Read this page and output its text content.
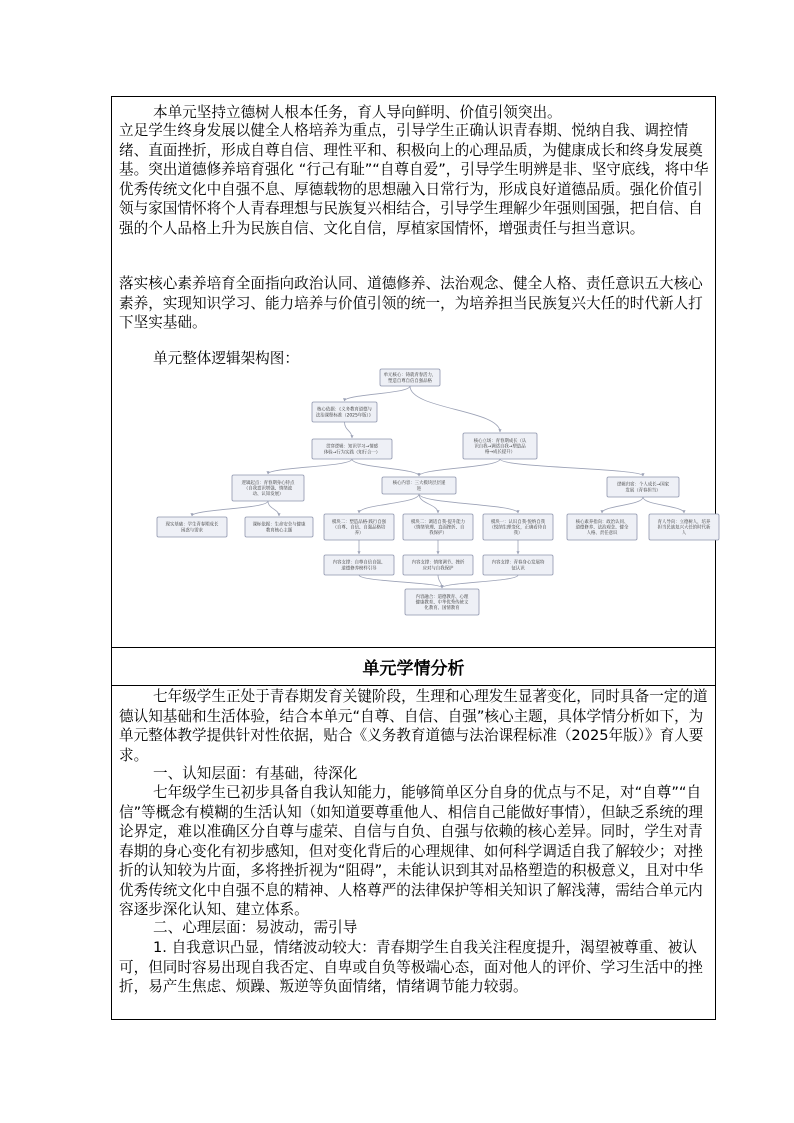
本单元坚持立德树人根本任务，育人导向鲜明、价值引领突出。

立足学生终身发展以健全人格培养为重点，引导学生正确认识青春期、悦纳自我、调控情绪、直面挫折，形成自尊自信、理性平和、积极向上的心理品质，为健康成长和终身发展奠基。突出道德修养培育强化 “行己有耻”“自尊自爱”，引导学生明辨是非、坚守底线，将中华优秀传统文化中自强不息、厚德载物的思想融入日常行为，形成良好道德品质。强化价值引领与家国情怀将个人青春理想与民族复兴相结合，引导学生理解少年强则国强，把自信、自强的个人品格上升为民族自信、文化自信，厚植家国情怀，增强责任与担当意识。

落实核心素养培育全面指向政治认同、道德修养、法治观念、健全人格、责任意识五大核心素养，实现知识学习、能力培养与价值引领的统一，为培养担当民族复兴大任的时代新人打下坚实基础。

单元整体逻辑架构图：

单元核心：铸就青春活力，
塑造自尊自信自强品格
核心依据：《义务教育道德与
法治课程标准（2025年版）》
贯穿逻辑：知识学习→情感
体验→行为实践（知行合一）
核心立场：青春期成长（认
识自我→调适自我→塑造品
格→成长提升）
逻辑起点：青春期身心特点
（自我意识增强、情绪波
动、认知发展）
核心内容：三大模块层层递
进
逻辑归宿：个人成长→国家
发展（青春担当）
现实基础：学生青春期成长
困惑与需求
课标依据：生命安全与健康
教育核心主题
模块二：塑造品格·践行自强
（自尊、自信、自强品格培
养）
模块二：调适自我·提升能力
（情绪管理、直面挫折、自
我保护）
模块一：认识自我·悦纳自我
（悦纳生理变化，正确看待自
我）
核心素养指向：政治认同、
道德修养、法治观念、健全
人格、责任意识
育人导向：立德树人，培养
担当民族复兴大任的时代新
人
内容支撑：自尊自信自强、
道德修养榜样引导
内容支撑：情绪调节、挫折
应对与自我保护
内容支撑：青春身心发展特
征认识
内容融合：道德教育、心理
健康教育、中华优秀传统文
化教育、国情教育
单元学情分析

七年级学生正处于青春期发育关键阶段，生理和心理发生显著变化，同时具备一定的道德认知基础和生活体验，结合本单元“自尊、自信、自强”核心主题，具体学情分析如下，为单元整体教学提供针对性依据，贴合《义务教育道德与法治课程标准（2025年版）》育人要求。

一、认知层面：有基础，待深化

七年级学生已初步具备自我认知能力，能够简单区分自身的优点与不足，对“自尊”“自信”等概念有模糊的生活认知（如知道要尊重他人、相信自己能做好事情），但缺乏系统的理论界定，难以准确区分自尊与虚荣、自信与自负、自强与依赖的核心差异。同时，学生对青春期的身心变化有初步感知，但对变化背后的心理规律、如何科学调适自我了解较少；对挫折的认知较为片面，多将挫折视为“阻碍”，未能认识到其对品格塑造的积极意义，且对中华优秀传统文化中自强不息的精神、人格尊严的法律保护等相关知识了解浅薄，需结合单元内容逐步深化认知、建立体系。

二、心理层面：易波动，需引导

1. 自我意识凸显，情绪波动较大：青春期学生自我关注程度提升，渴望被尊重、被认可，但同时容易出现自我否定、自卑或自负等极端心态，面对他人的评价、学习生活中的挫折，易产生焦虑、烦躁、叛逆等负面情绪，情绪调节能力较弱。
